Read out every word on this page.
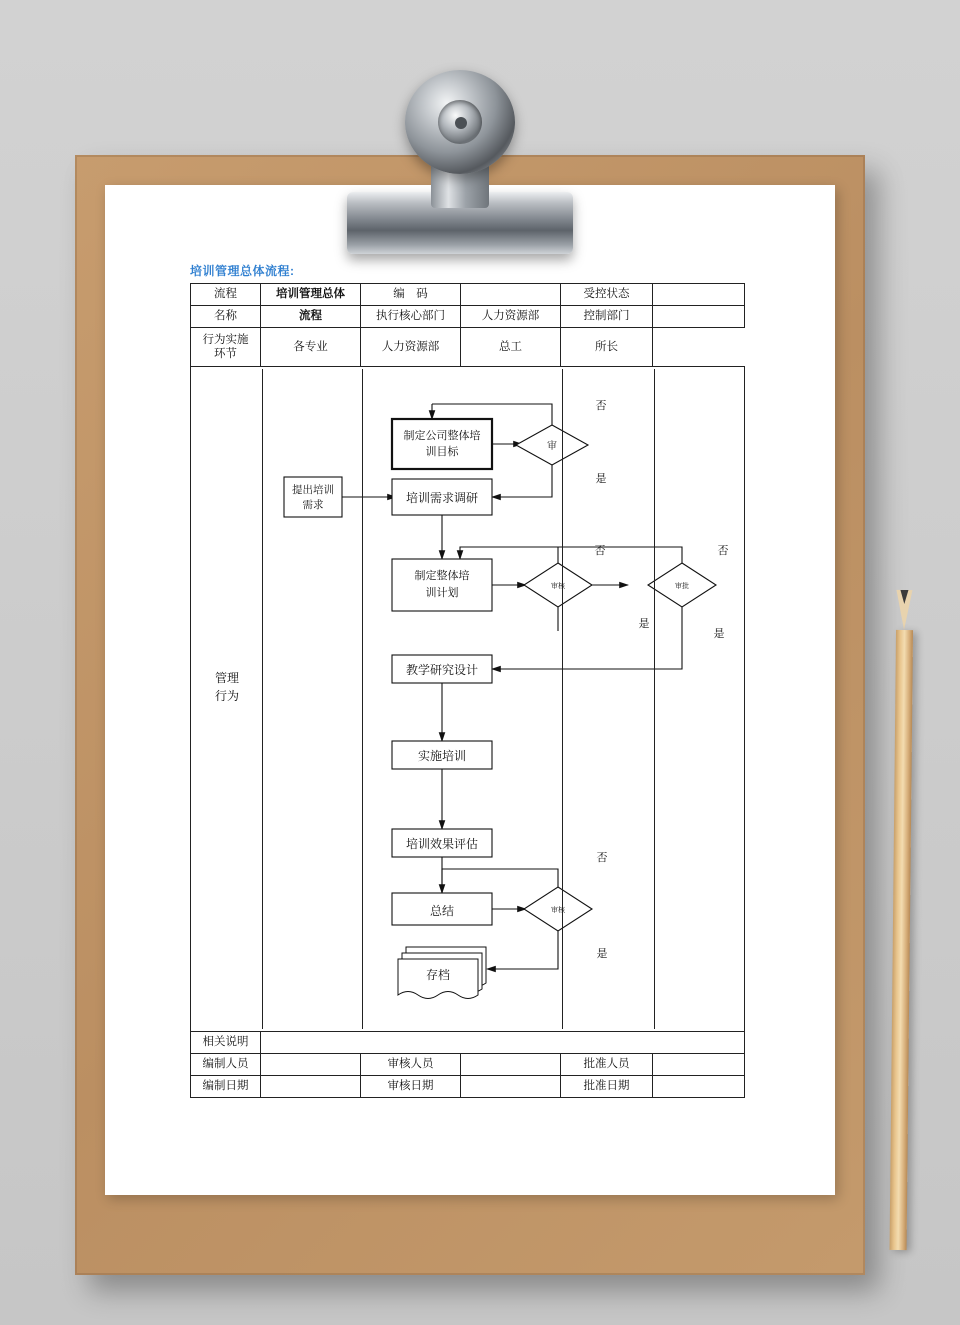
培训管理总体流程:
流程	培训管理总体	编　码		受控状态	
名称	流程	执行核心部门	人力资源部	控制部门	

行为实施
环节	各专业	人力资源部	总工	所长	

管理
行为
制定公司整体培
训目标	审
提出培训
需求	培训需求调研
制定整体培
训计划
审核	审批
教学研究设计
实施培训
培训效果评估
总结	审核
存档
否
是
否
是
否
是
否
是

相关说明					
编制人员		审核人员		批准人员	
编制日期		审核日期		批准日期	
